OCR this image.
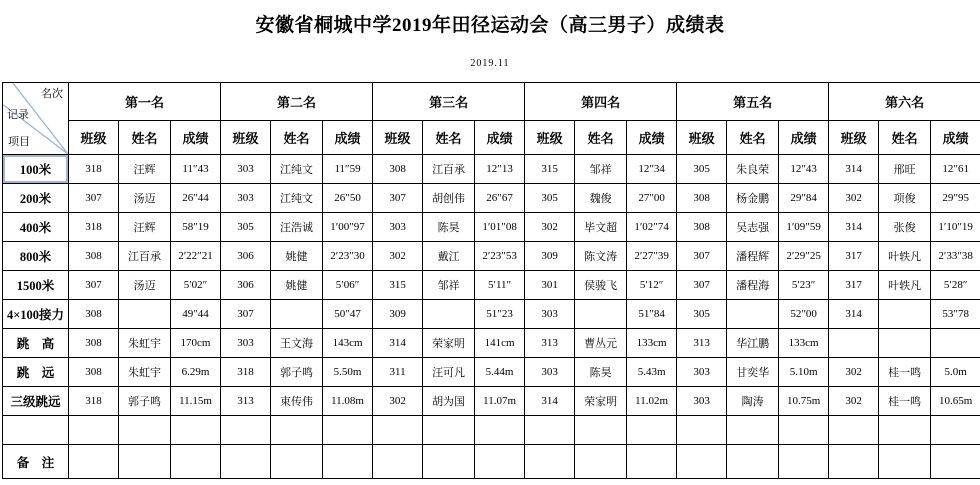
安徽省桐城中学2019年田径运动会（高三男子）成绩表
2019.11
名次
记录
项目	第一名			第二名			第三名			第四名			第五名			第六名		
	班级	姓名	成绩	班级	姓名	成绩	班级	姓名	成绩	班级	姓名	成绩	班级	姓名	成绩	班级	姓名	成绩
100米	318	汪辉	11″43	303	江纯文	11″59	308	江百承	12″13	315	邹祥	12″34	305	朱良荣	12″43	314	邢旺	12″61
200米	307	汤迈	26″44	303	江纯文	26″50	307	胡创伟	26″67	305	魏俊	27″00	308	杨金鹏	29″84	302	项俊	29″95
400米	318	汪辉	58″19	305	汪浩诚	1′00″97	303	陈昊	1′01″08	302	毕文超	1′02″74	308	吴志强	1′09″59	314	张俊	1′10″19
800米	308	江百承	2′22″21	306	姚健	2′23″30	302	戴江	2′23″53	309	陈文涛	2′27″39	307	潘程辉	2′29″25	317	叶轶凡	2′33″38
1500米	307	汤迈	5′02″	306	姚健	5′06″	315	邹祥	5′11″	301	侯骏飞	5′12″	307	潘程海	5′23″	317	叶轶凡	5′28″
4×100接力	308		49″44	307		50″47	309		51″23	303		51″84	305		52″00	314		53″78
跳　高	308	朱虹宇	170cm	303	王文海	143cm	314	荣家明	141cm	313	曹丛元	133cm	313	华江鹏	133cm			
跳　远	308	朱虹宇	6.29m	318	郭子鸣	5.50m	311	汪可凡	5.44m	303	陈昊	5.43m	303	甘奕华	5.10m	302	桂一鸣	5.0m
三级跳远	318	郭子鸣	11.15m	313	束传伟	11.08m	302	胡为国	11.07m	314	荣家明	11.02m	303	陶涛	10.75m	302	桂一鸣	10.65m

备　注																		
